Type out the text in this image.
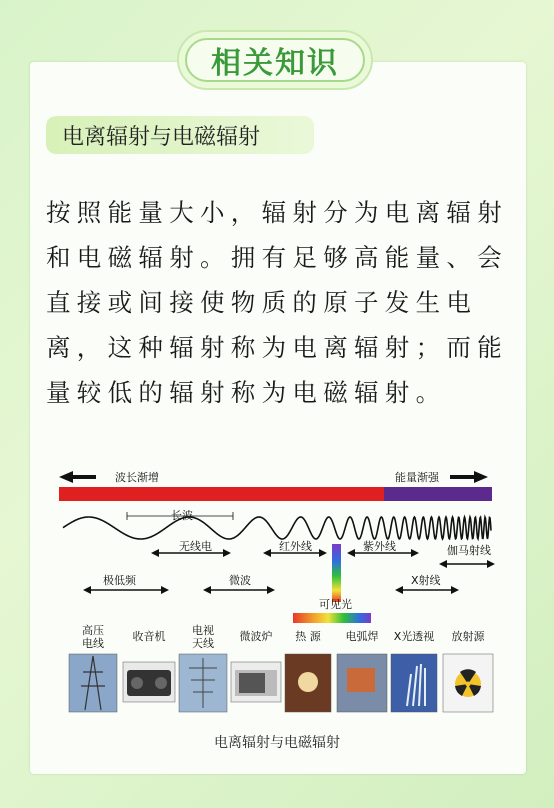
相关知识
电离辐射与电磁辐射
按照能量大小，辐射分为电离辐射和电磁辐射。拥有足够高能量、会直接或间接使物质的原子发生电离，这种辐射称为电离辐射；而能量较低的辐射称为电磁辐射。
波长渐增	能量渐强
长波
无线电	红外线	紫外线	伽马射线
极低频	微波	X射线
可见光
高压
电线
收音机 电视
天线
微波炉 热 源 电弧焊 X光透视 放射源
电离辐射与电磁辐射
